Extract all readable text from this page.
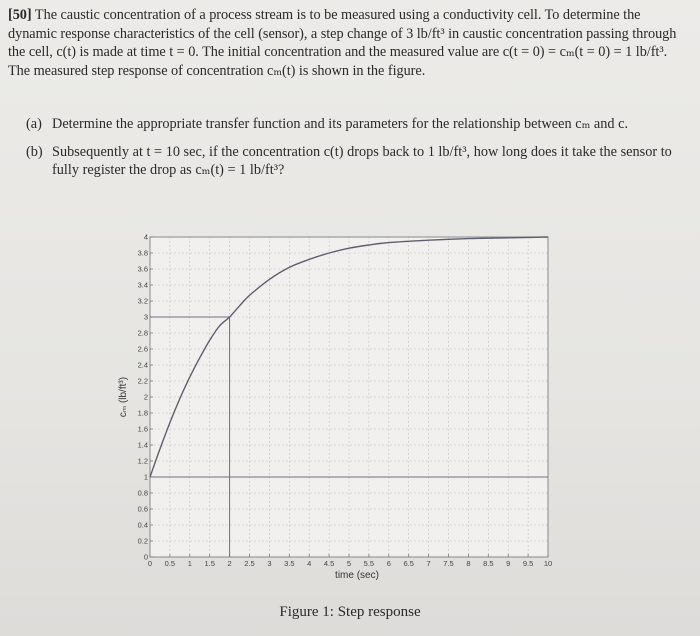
[50] The caustic concentration of a process stream is to be measured using a conductivity cell. To determine the dynamic response characteristics of the cell (sensor), a step change of 3 lb/ft³ in caustic concentration passing through the cell, c(t) is made at time t = 0. The initial concentration and the measured value are c(t = 0) = cₘ(t = 0) = 1 lb/ft³. The measured step response of concentration cₘ(t) is shown in the figure.

(a) Determine the appropriate transfer function and its parameters for the relationship between cₘ and c.
(b) Subsequently at t = 10 sec, if the concentration c(t) drops back to 1 lb/ft³, how long does it take the sensor to fully register the drop as cₘ(t) = 1 lb/ft³?
0 0.5 1 1.5 2 2.5 3 3.5 4 4.5 5 5.5 6 6.5 7 7.5 8 8.5 9 9.5 10
0
0.2
0.4
0.6
0.8
1
1.2
1.4
1.6
1.8
2
2.2
2.4
2.6
2.8
3
3.2
3.4
3.6
3.8
4
time (sec)
cₘ (lb/ft³)
Figure 1: Step response
